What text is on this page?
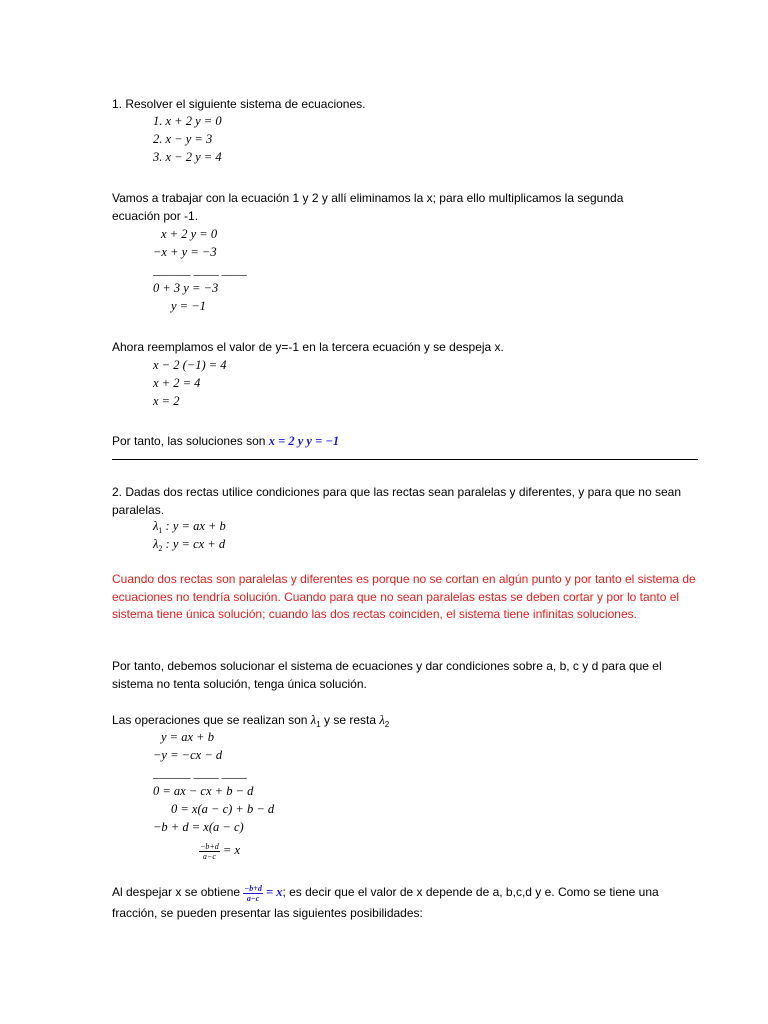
1. Resolver el siguiente sistema de ecuaciones.
1. x + 2 y = 0
2. x − y = 3
3. x − 2 y = 4
Vamos a trabajar con la ecuación 1 y 2 y allí eliminamos la x; para ello multiplicamos la segunda ecuación por -1.
x + 2 y = 0
−x + y = −3
______ ____ ____
0 + 3 y = −3
y = −1
Ahora reemplamos el valor de y=-1 en la tercera ecuación y se despeja x.
x − 2 (−1) = 4
x + 2 = 4
x = 2
Por tanto, las soluciones son x = 2 y y = −1
2. Dadas dos rectas utilice condiciones para que las rectas sean paralelas y diferentes, y para que no sean paralelas.
$\lambda_1$ : y = ax + b
$\lambda_2$ : y = cx + d
Cuando dos rectas son paralelas y diferentes es porque no se cortan en algún punto y por tanto el sistema de ecuaciones no tendría solución. Cuando para que no sean paralelas estas se deben cortar y por lo tanto el sistema tiene única solución; cuando las dos rectas coinciden, el sistema tiene infinitas soluciones.
Por tanto, debemos solucionar el sistema de ecuaciones y dar condiciones sobre a, b, c y d para que el sistema no tenta solución, tenga única solución.
Las operaciones que se realizan son $\lambda_1$ y se resta $\lambda_2$
y = ax + b
−y = −cx − d
______ ____ ____
0 = ax − cx + b − d
0 = x(a − c) + b − d
−b + d = x(a − c)
$\frac{-b+d}{a-c} = x$
Al despejar x se obtiene $\frac{-b+d}{a-c} = x$; es decir que el valor de x depende de a, b,c,d y e. Como se tiene una fracción, se pueden presentar las siguientes posibilidades:
